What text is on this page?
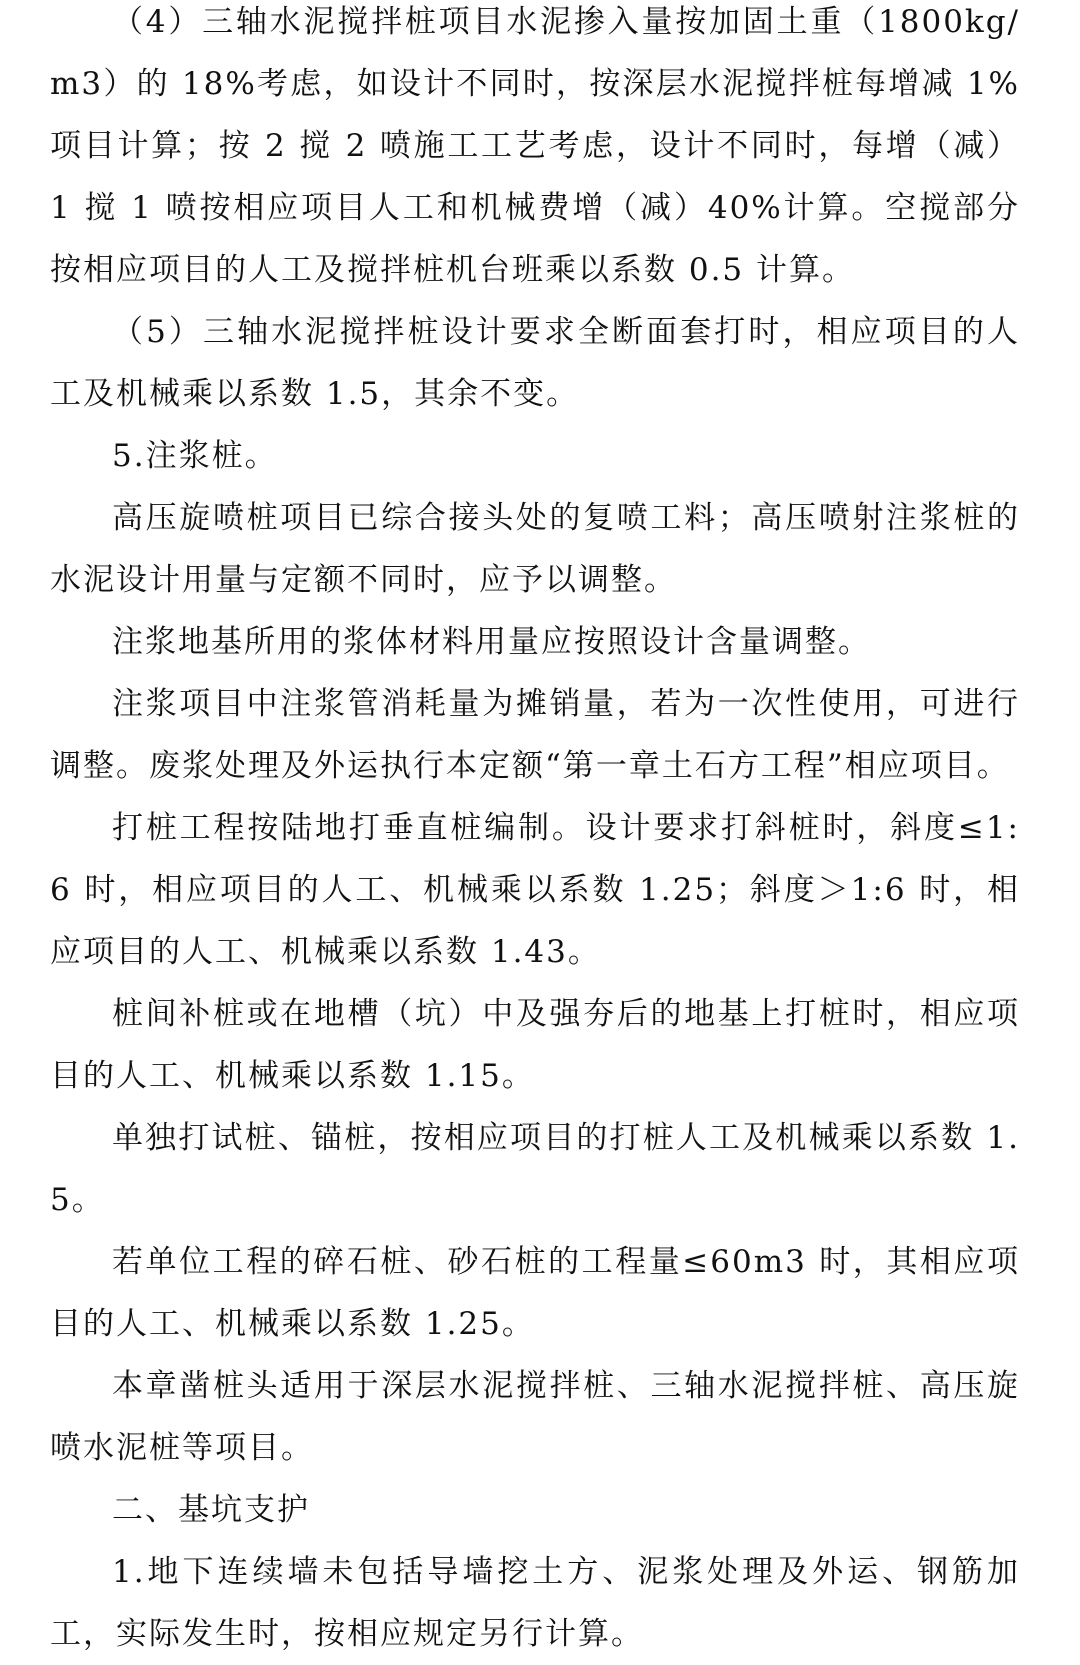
（4）三轴水泥搅拌桩项目水泥掺入量按加固土重（1800kg/m3）的 18%考虑，如设计不同时，按深层水泥搅拌桩每增减 1%项目计算；按 2 搅 2 喷施工工艺考虑，设计不同时，每增（减）1 搅 1 喷按相应项目人工和机械费增（减）40%计算。空搅部分按相应项目的人工及搅拌桩机台班乘以系数 0.5 计算。

（5）三轴水泥搅拌桩设计要求全断面套打时，相应项目的人工及机械乘以系数 1.5，其余不变。

5.注浆桩。

高压旋喷桩项目已综合接头处的复喷工料；高压喷射注浆桩的水泥设计用量与定额不同时，应予以调整。

注浆地基所用的浆体材料用量应按照设计含量调整。

注浆项目中注浆管消耗量为摊销量，若为一次性使用，可进行调整。废浆处理及外运执行本定额“第一章土石方工程”相应项目。

打桩工程按陆地打垂直桩编制。设计要求打斜桩时，斜度≤1:6 时，相应项目的人工、机械乘以系数 1.25；斜度＞1:6 时，相应项目的人工、机械乘以系数 1.43。

桩间补桩或在地槽（坑）中及强夯后的地基上打桩时，相应项目的人工、机械乘以系数 1.15。

单独打试桩、锚桩，按相应项目的打桩人工及机械乘以系数 1.5。

若单位工程的碎石桩、砂石桩的工程量≤60m3 时，其相应项目的人工、机械乘以系数 1.25。

本章凿桩头适用于深层水泥搅拌桩、三轴水泥搅拌桩、高压旋喷水泥桩等项目。

二、基坑支护

1.地下连续墙未包括导墙挖土方、泥浆处理及外运、钢筋加工，实际发生时，按相应规定另行计算。
